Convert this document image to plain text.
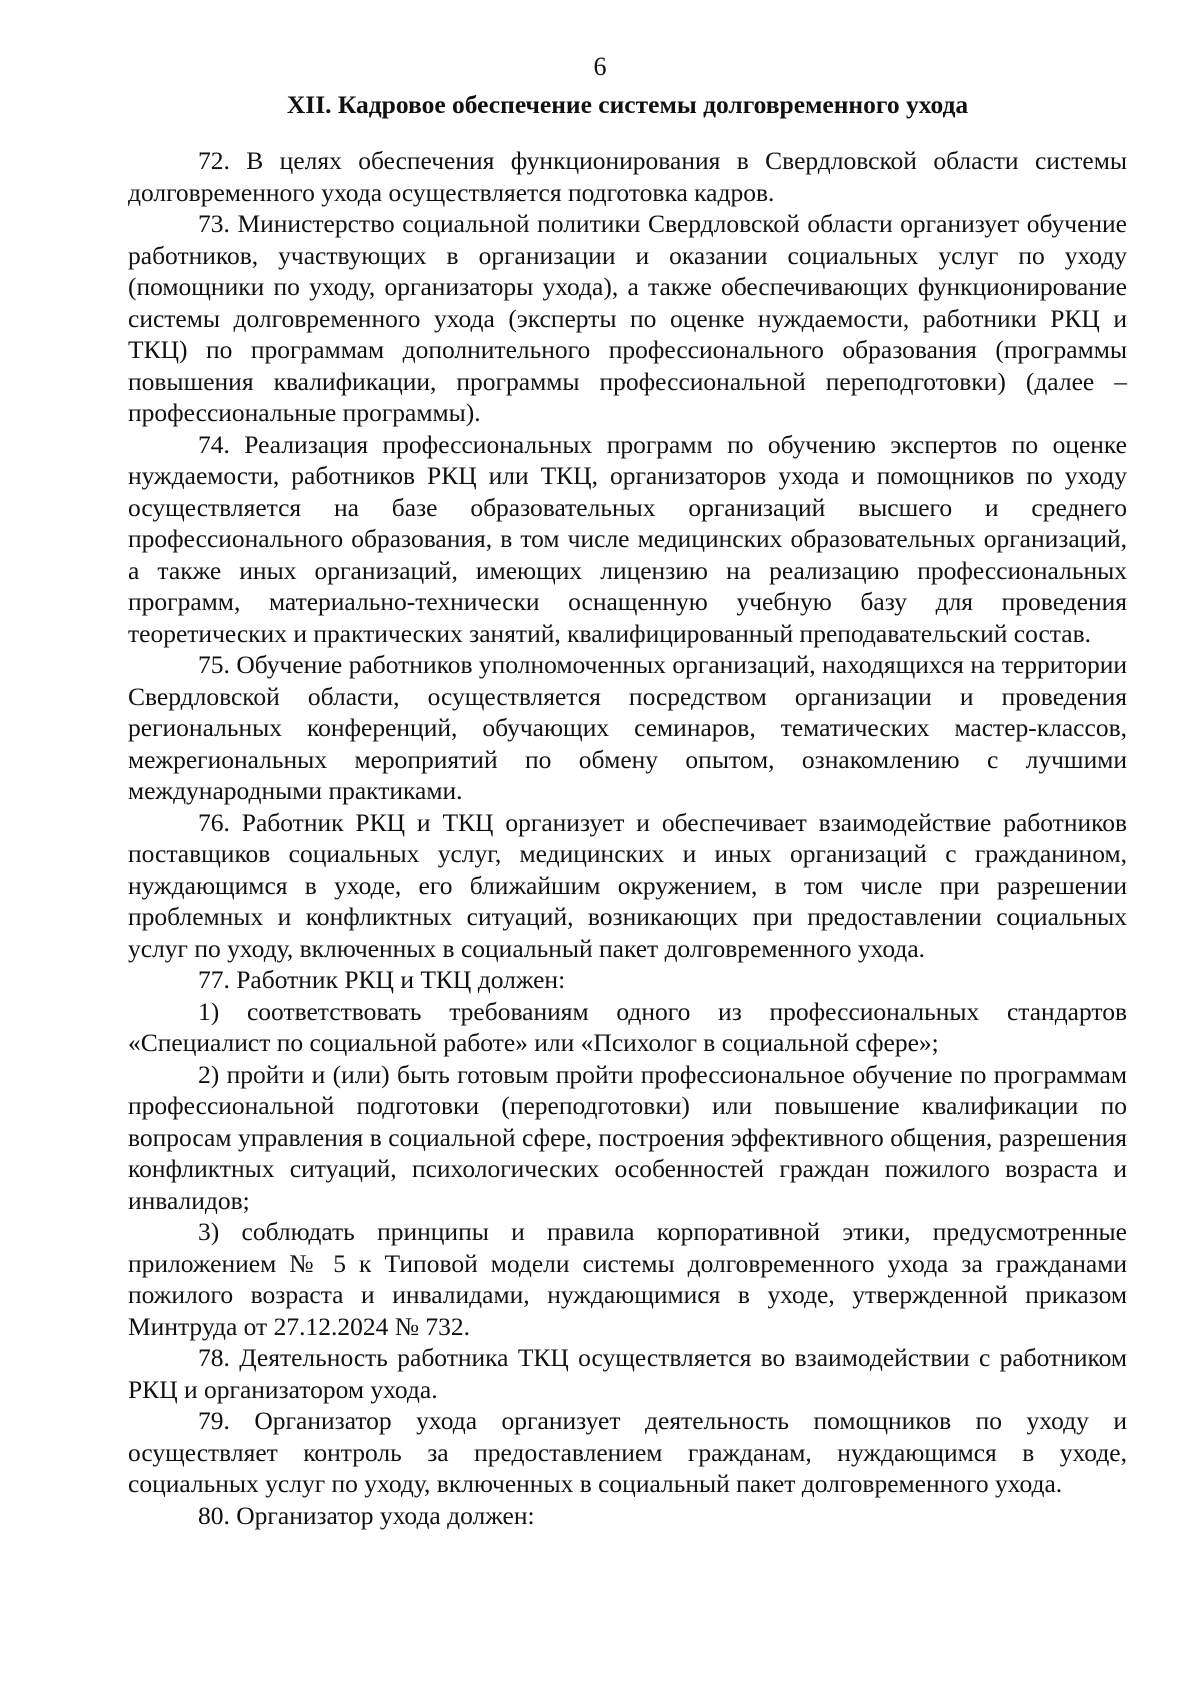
6
XII. Кадровое обеспечение системы долговременного ухода

72. В целях обеспечения функционирования в Свердловской области системы долговременного ухода осуществляется подготовка кадров.

73. Министерство социальной политики Свердловской области организует обучение работников, участвующих в организации и оказании социальных услуг по уходу (помощники по уходу, организаторы ухода), а также обеспечивающих функционирование системы долговременного ухода (эксперты по оценке нуждаемости, работники РКЦ и ТКЦ) по программам дополнительного профессионального образования (программы повышения квалификации, программы профессиональной переподготовки) (далее – профессиональные программы).

74. Реализация профессиональных программ по обучению экспертов по оценке нуждаемости, работников РКЦ или ТКЦ, организаторов ухода и помощников по уходу осуществляется на базе образовательных организаций высшего и среднего профессионального образования, в том числе медицинских образовательных организаций, а также иных организаций, имеющих лицензию на реализацию профессиональных программ, материально-технически оснащенную учебную базу для проведения теоретических и практических занятий, квалифицированный преподавательский состав.

75. Обучение работников уполномоченных организаций, находящихся на территории Свердловской области, осуществляется посредством организации и проведения региональных конференций, обучающих семинаров, тематических мастер-классов, межрегиональных мероприятий по обмену опытом, ознакомлению с лучшими международными практиками.

76. Работник РКЦ и ТКЦ организует и обеспечивает взаимодействие работников поставщиков социальных услуг, медицинских и иных организаций с гражданином, нуждающимся в уходе, его ближайшим окружением, в том числе при разрешении проблемных и конфликтных ситуаций, возникающих при предоставлении социальных услуг по уходу, включенных в социальный пакет долговременного ухода.

77. Работник РКЦ и ТКЦ должен:

1) соответствовать требованиям одного из профессиональных стандартов «Специалист по социальной работе» или «Психолог в социальной сфере»;

2) пройти и (или) быть готовым пройти профессиональное обучение по программам профессиональной подготовки (переподготовки) или повышение квалификации по вопросам управления в социальной сфере, построения эффективного общения, разрешения конфликтных ситуаций, психологических особенностей граждан пожилого возраста и инвалидов;

3) соблюдать принципы и правила корпоративной этики, предусмотренные приложением № 5 к Типовой модели системы долговременного ухода за гражданами пожилого возраста и инвалидами, нуждающимися в уходе, утвержденной приказом Минтруда от 27.12.2024 № 732.

78. Деятельность работника ТКЦ осуществляется во взаимодействии с работником РКЦ и организатором ухода.

79. Организатор ухода организует деятельность помощников по уходу и осуществляет контроль за предоставлением гражданам, нуждающимся в уходе, социальных услуг по уходу, включенных в социальный пакет долговременного ухода.

80. Организатор ухода должен:
